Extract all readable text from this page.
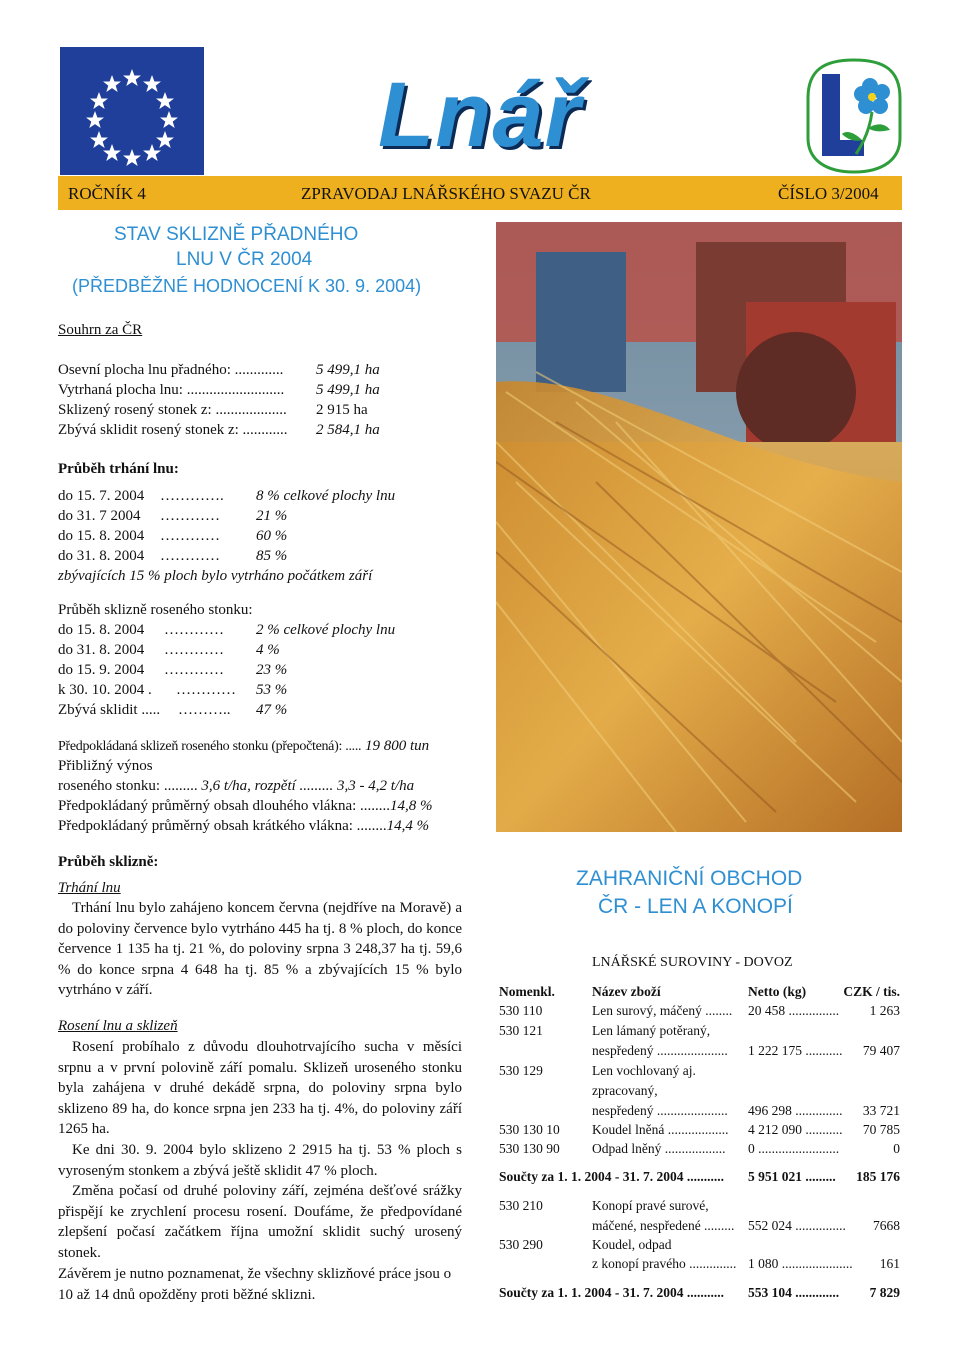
Lnář
ROČNÍK 4	ZPRAVODAJ LNÁŘSKÉHO SVAZU ČR	ČÍSLO 3/2004
STAV SKLIZNĚ PŘADNÉHO
LNU V ČR 2004
(PŘEDBĚŽNÉ HODNOCENÍ K 30. 9. 2004)
Souhrn za ČR
Osevní plocha lnu přadného: ............. 5 499,1 ha
Vytrhaná plocha lnu: .......................... 5 499,1 ha
Sklizený rosený stonek z: ................... 2 915 ha
Zbývá sklidit rosený stonek z: ............ 2 584,1 ha
Průběh trhání lnu:
do 15. 7. 2004 …………. 8 % celkové plochy lnu
do 31. 7 2004 ………… 21 %
do 15. 8. 2004 ………… 60 %
do 31. 8. 2004 ………… 85 %
zbývajících 15 % ploch bylo vytrháno počátkem září
Průběh sklizně roseného stonku:
do 15. 8. 2004 ………… 2 % celkové plochy lnu
do 31. 8. 2004 ………… 4 %
do 15. 9. 2004 ………… 23 %
k 30. 10. 2004 . ………… 53 %
Zbývá sklidit ..... ……….. 47 %
Předpokládaná sklizeň roseného stonku (přepočtená): ..... 19 800 tun
Přibližný výnos
roseného stonku: ......... 3,6 t/ha, rozpětí ......... 3,3 - 4,2 t/ha
Předpokládaný průměrný obsah dlouhého vlákna: ........14,8 %
Předpokládaný průměrný obsah krátkého vlákna: ........14,4 %
Průběh sklizně:
Trhání lnu
Trhání lnu bylo zahájeno koncem června (nejdříve na Moravě) a do poloviny července bylo vytrháno 445 ha tj. 8 % ploch, do konce července 1 135 ha tj. 21 %, do poloviny srpna 3 248,37 ha tj. 59,6 % do konce srpna 4 648 ha tj. 85 % a zbývajících 15 % bylo vytrháno v září.
Rosení lnu a sklizeň
Rosení probíhalo z důvodu dlouhotrvajícího sucha v měsíci srpnu a v první polovině září pomalu. Sklizeň uroseného stonku byla zahájena v druhé dekádě srpna, do poloviny srpna bylo sklizeno 89 ha, do konce srpna jen 233 ha tj. 4%, do poloviny září 1265 ha.
Ke dni 30. 9. 2004 bylo sklizeno 2 2915 ha tj. 53 % ploch s vyroseným stonkem a zbývá ještě sklidit 47 % ploch.
Změna počasí od druhé poloviny září, zejména dešťové srážky přispějí ke zrychlení procesu rosení. Doufáme, že předpovídané zlepšení počasí začátkem října umožní sklidit suchý urosený stonek.
Závěrem je nutno poznamenat, že všechny sklizňové práce jsou o 10 až 14 dnů opožděny proti běžné sklizni.
ZAHRANIČNÍ OBCHOD
ČR - LEN A KONOPÍ
LNÁŘSKÉ SUROVINY - DOVOZ
Nomenkl.	Název zboží	Netto (kg)	CZK / tis.
530 110	Len surový, máčený ........ 20 458 ...............	1 263
530 121	Len lámaný potěraný,
nespředený ..................... 1 222 175 ...........	79 407
530 129	Len vochlovaný aj.
zpracovaný,
nespředený ..................... 496 298 ..............	33 721
530 130 10 Koudel lněná .................. 4 212 090 ...........	70 785
530 130 90 Odpad lněný .................. 0 ........................	0
Součty za 1. 1. 2004 - 31. 7. 2004 ........... 5 951 021 .........	185 176
530 210	Konopí pravé surové,
máčené, nespředené ......... 552 024 ...............	7668
530 290	Koudel, odpad
z konopí pravého .............. 1 080 .....................	161
Součty za 1. 1. 2004 - 31. 7. 2004 ........... 553 104 .............	7 829
